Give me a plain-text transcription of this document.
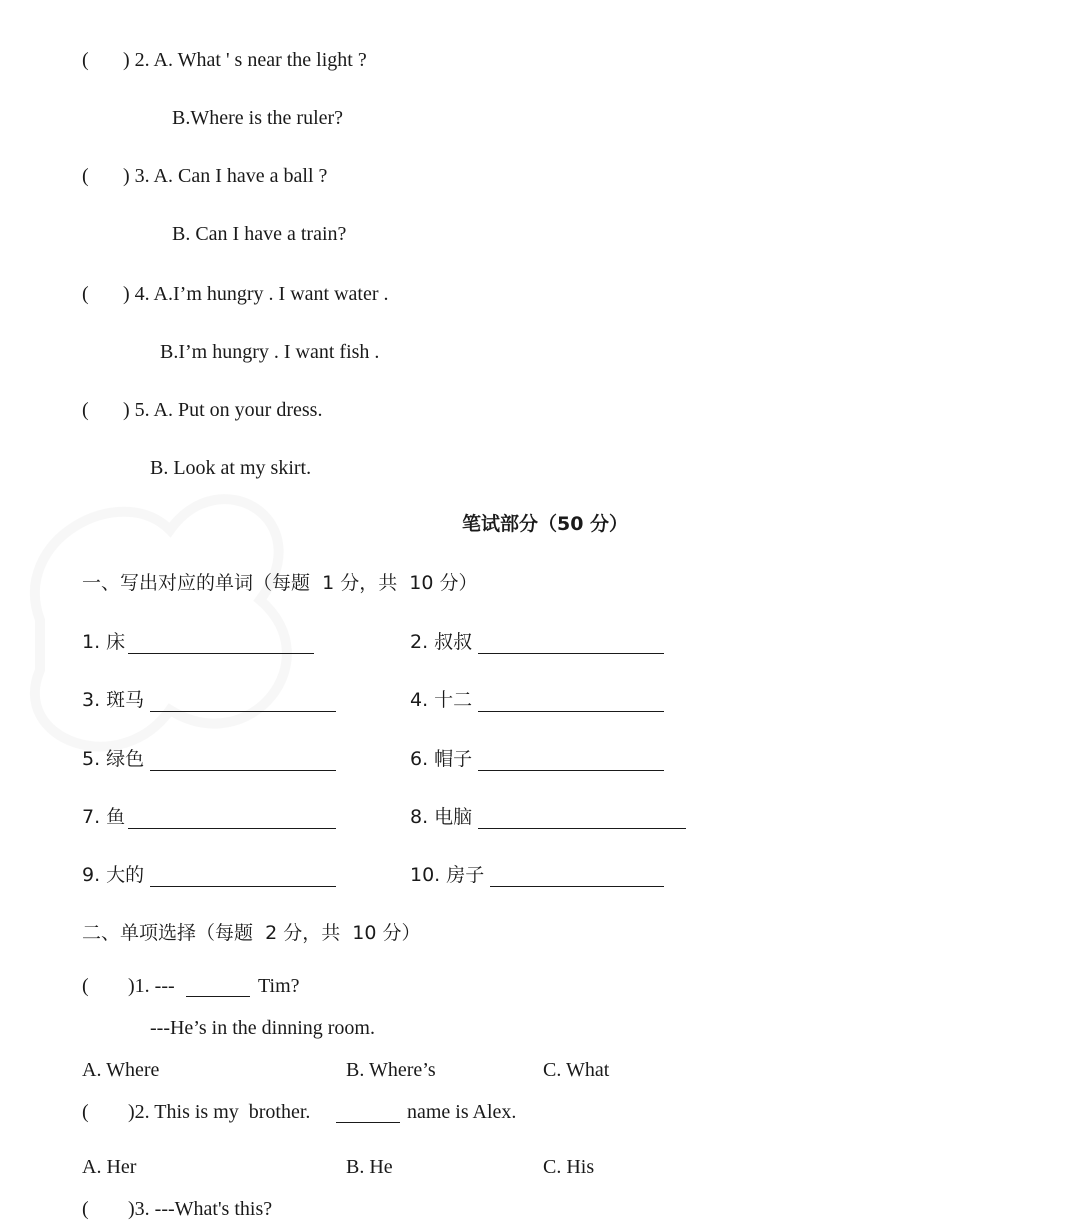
( ) 2. A. What ' s near the light ?
B.Where is the ruler?
( ) 3. A. Can I have a ball ?
B. Can I have a train?
( ) 4. A.I’m hungry . I want water .
B.I’m hungry . I want fish .
( ) 5. A. Put on your dress.
B. Look at my skirt.
笔试部分（50 分）
一、写出对应的单词（每题  1 分，共  10 分）
1. 床	2. 叔叔
3. 斑马	4. 十二
5. 绿色	6. 帽子
7. 鱼	8. 电脑
9. 大的	10. 房子
二、单项选择（每题  2 分，共  10 分）
( )1. ---	Tim?
---He’s in the dinning room.
A. Where	B. Where’s	C. What
( )2. This is my  brother.	name is Alex.
A. Her	B. He	C. His
( )3. ---What's this?
